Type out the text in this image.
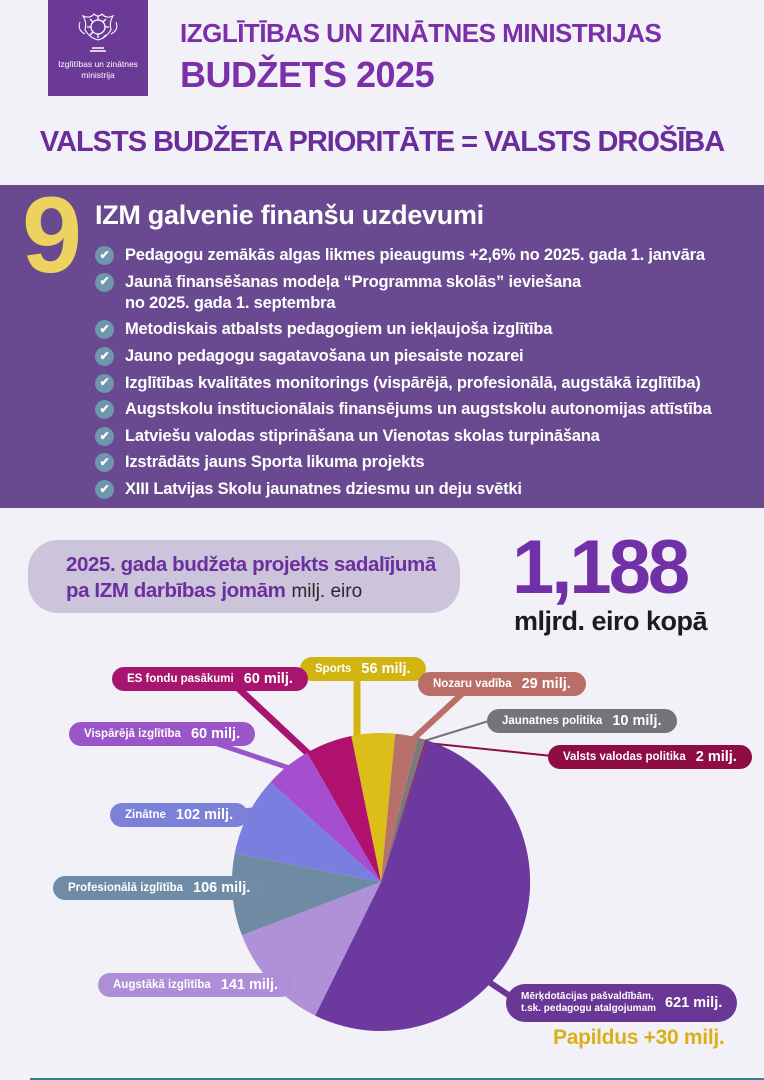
Izglītības un zinātnes
ministrija
IZGLĪTĪBAS UN ZINĀTNES MINISTRIJAS
BUDŽETS 2025
VALSTS BUDŽETA PRIORITĀTE = VALSTS DROŠĪBA
9 IZM galvenie finanšu uzdevumi
✔ Pedagogu zemākās algas likmes pieaugums +2,6% no 2025. gada 1. janvāra
✔ Jaunā finansēšanas modeļa “Programma skolās” ieviešana
no 2025. gada 1. septembra
✔ Metodiskais atbalsts pedagogiem un iekļaujoša izglītība
✔ Jauno pedagogu sagatavošana un piesaiste nozarei
✔ Izglītības kvalitātes monitorings (vispārējā, profesionālā, augstākā izglītība)
✔ Augstskolu institucionālais finansējums un augstskolu autonomijas attīstība
✔ Latviešu valodas stiprināšana un Vienotas skolas turpināšana
✔ Izstrādāts jauns Sporta likuma projekts
✔ XIII Latvijas Skolu jaunatnes dziesmu un deju svētki
2025. gada budžeta projekts sadalījumā
pa IZM darbības jomām milj. eiro	1,188
mljrd. eiro kopā
Sports 56 milj.
Nozaru vadība 29 milj.
Jaunatnes politika 10 milj.
Valsts valodas politika 2 milj.
Mērķdotācijas pašvaldībām,
t.sk. pedagogu atalgojumam 621 milj.
Augstākā izglītība 141 milj.
Profesionālā izglītība 106 milj.
Zinātne 102 milj.
Vispārējā izglītība 60 milj.
ES fondu pasākumi 60 milj.
Papildus +30 milj.
